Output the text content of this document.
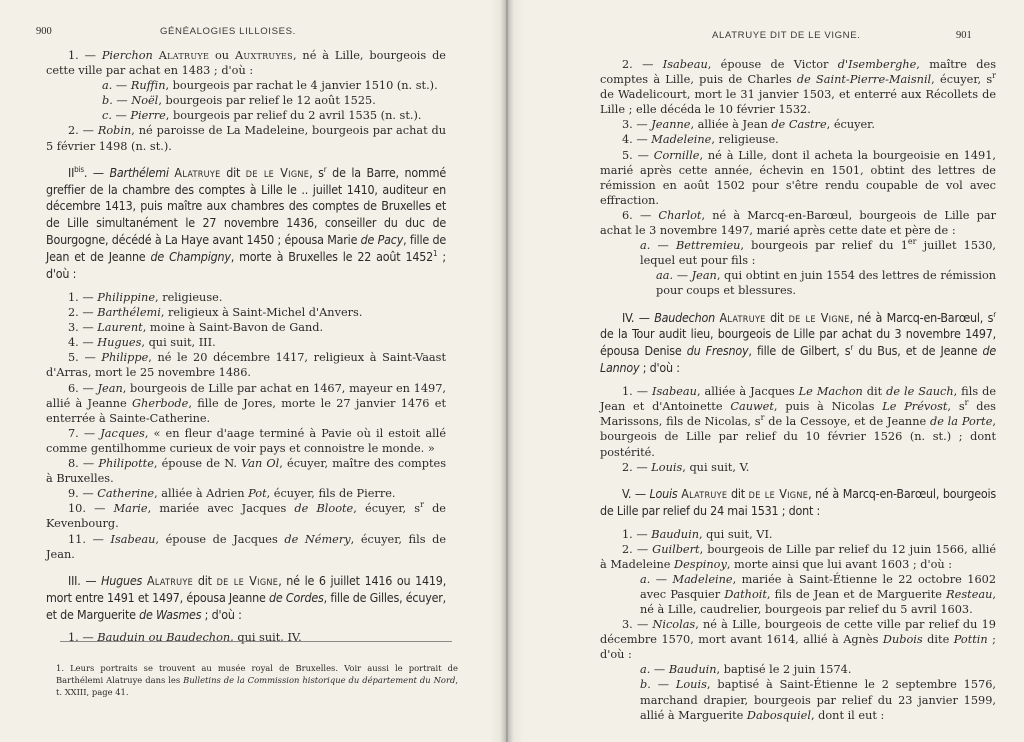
900	GÉNÉALOGIES LILLOISES.

1. — Pierchon Alatruye ou Auxtruyes, né à Lille, bourgeois de cette ville par achat en 1483 ; d'où :

a. — Ruffin, bourgeois par rachat le 4 janvier 1510 (n. st.).

b. — Noël, bourgeois par relief le 12 août 1525.

c. — Pierre, bourgeois par relief du 2 avril 1535 (n. st.).

2. — Robin, né paroisse de La Madeleine, bourgeois par achat du 5 février 1498 (n. st.).

$II^{bis}$. — Barthélemi Alatruye dit de le Vigne, $s^r$ de la Barre, nommé greffier de la chambre des comptes à Lille le .. juillet 1410, auditeur en décembre 1413, puis maître aux chambres des comptes de Bruxelles et de Lille simultanément le 27 novembre 1436, conseiller du duc de Bourgogne, décédé à La Haye avant 1450 ; épousa Marie de Pacy, fille de Jean et de Jeanne de Champigny, morte à Bruxelles le 22 août 1452$^1$ ; d'où :

1. — Philippine, religieuse.

2. — Barthélemi, religieux à Saint-Michel d'Anvers.

3. — Laurent, moine à Saint-Bavon de Gand.

4. — Hugues, qui suit, III.

5. — Philippe, né le 20 décembre 1417, religieux à Saint-Vaast d'Arras, mort le 25 novembre 1486.

6. — Jean, bourgeois de Lille par achat en 1467, mayeur en 1497, allié à Jeanne Gherbode, fille de Jores, morte le 27 janvier 1476 et enterrée à Sainte-Catherine.

7. — Jacques, « en fleur d'aage terminé à Pavie où il estoit allé comme gentilhomme curieux de voir pays et connoistre le monde. »

8. — Philipotte, épouse de N. Van Ol, écuyer, maître des comptes à Bruxelles.

9. — Catherine, alliée à Adrien Pot, écuyer, fils de Pierre.

10. — Marie, mariée avec Jacques de Bloote, écuyer, $s^r$ de Kevenbourg.

11. — Isabeau, épouse de Jacques de Némery, écuyer, fils de Jean.

III. — Hugues Alatruye dit de le Vigne, né le 6 juillet 1416 ou 1419, mort entre 1491 et 1497, épousa Jeanne de Cordes, fille de Gilles, écuyer, et de Marguerite de Wasmes ; d'où :

1. — Bauduin ou Baudechon, qui suit, IV.

1. Leurs portraits se trouvent au musée royal de Bruxelles. Voir aussi le portrait de Barthélemi Alatruye dans les Bulletins de la Commission historique du département du Nord, t. XXIII, page 41.
ALATRUYE DIT DE LE VIGNE.	901

2. — Isabeau, épouse de Victor d'Isemberghe, maître des comptes à Lille, puis de Charles de Saint-Pierre-Maisnil, écuyer, $s^r$ de Wadelicourt, mort le 31 janvier 1503, et enterré aux Récollets de Lille ; elle décéda le 10 février 1532.

3. — Jeanne, alliée à Jean de Castre, écuyer.

4. — Madeleine, religieuse.

5. — Cornille, né à Lille, dont il acheta la bourgeoisie en 1491, marié après cette année, échevin en 1501, obtint des lettres de rémission en août 1502 pour s'être rendu coupable de vol avec effraction.

6. — Charlot, né à Marcq-en-Barœul, bourgeois de Lille par achat le 3 novembre 1497, marié après cette date et père de :

a. — Bettremieu, bourgeois par relief du 1er juillet 1530, lequel eut pour fils :

aa. — Jean, qui obtint en juin 1554 des lettres de rémission pour coups et blessures.

IV. — Baudechon Alatruye dit de le Vigne, né à Marcq-en-Barœul, $s^r$ de la Tour audit lieu, bourgeois de Lille par achat du 3 novembre 1497, épousa Denise du Fresnoy, fille de Gilbert, $s^r$ du Bus, et de Jeanne de Lannoy ; d'où :

1. — Isabeau, alliée à Jacques Le Machon dit de le Sauch, fils de Jean et d'Antoinette Cauwet, puis à Nicolas Le Prévost, $s^r$ des Marissons, fils de Nicolas, $s^r$ de la Cessoye, et de Jeanne de la Porte, bourgeois de Lille par relief du 10 février 1526 (n. st.) ; dont postérité.

2. — Louis, qui suit, V.

V. — Louis Alatruye dit de le Vigne, né à Marcq-en-Barœul, bourgeois de Lille par relief du 24 mai 1531 ; dont :

1. — Bauduin, qui suit, VI.

2. — Guilbert, bourgeois de Lille par relief du 12 juin 1566, allié à Madeleine Despinoy, morte ainsi que lui avant 1603 ; d'où :

a. — Madeleine, mariée à Saint-Étienne le 22 octobre 1602 avec Pasquier Dathoit, fils de Jean et de Marguerite Resteau, né à Lille, caudrelier, bourgeois par relief du 5 avril 1603.

3. — Nicolas, né à Lille, bourgeois de cette ville par relief du 19 décembre 1570, mort avant 1614, allié à Agnès Dubois dite Pottin ; d'où :

a. — Bauduin, baptisé le 2 juin 1574.

b. — Louis, baptisé à Saint-Étienne le 2 septembre 1576, marchand drapier, bourgeois par relief du 23 janvier 1599, allié à Marguerite Dabosquiel, dont il eut :
